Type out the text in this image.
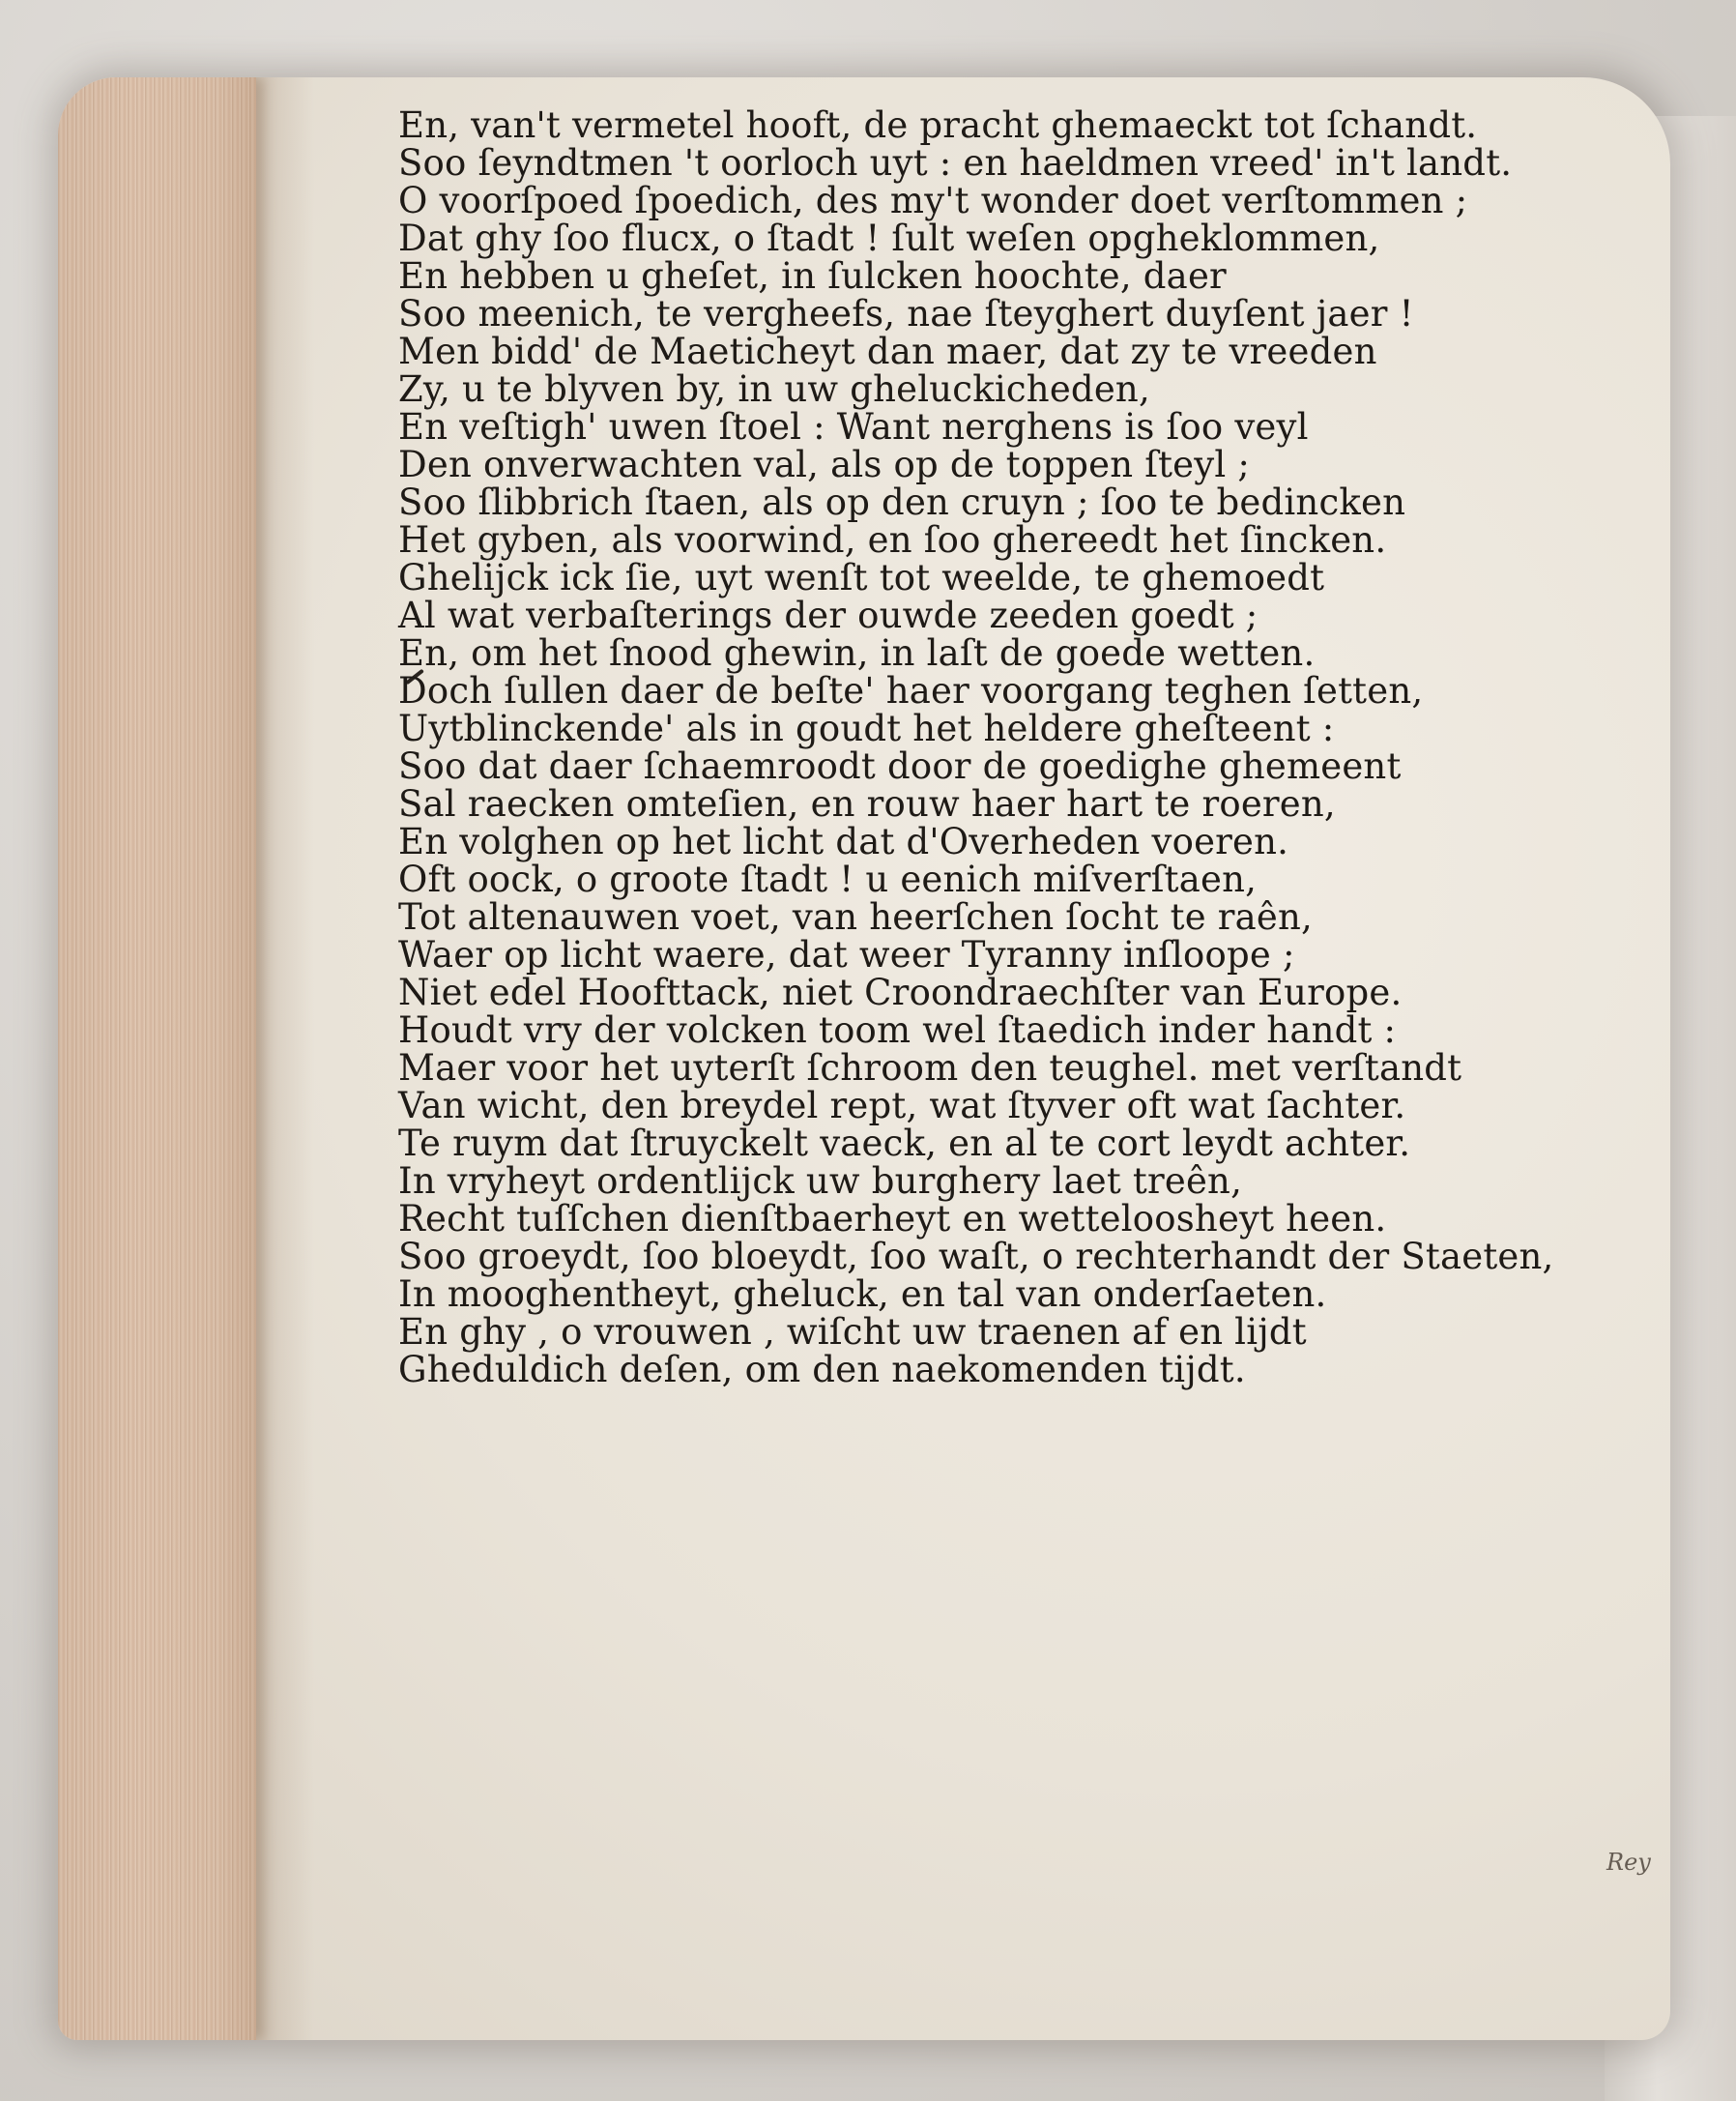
En, van't vermetel hooft, de pracht ghemaeckt tot ſchandt.
Soo ſeyndtmen 't oorloch uyt : en haeldmen vreed' in't landt.
O voorſpoed ſpoedich, des my't wonder doet verſtommen ;
Dat ghy ſoo flucx, o ſtadt ! ſult weſen opgheklommen,
En hebben u gheſet, in ſulcken hoochte, daer
Soo meenich, te vergheefs, nae ſteyghert duyſent jaer !
Men bidd' de Maeticheyt dan maer, dat zy te vreeden
Zy, u te blyven by, in uw gheluckicheden,
En veſtigh' uwen ſtoel : Want nerghens is ſoo veyl
Den onverwachten val, als op de toppen ſteyl ;
Soo ſlibbrich ſtaen, als op den cruyn ; ſoo te bedincken
Het gyben, als voorwind, en ſoo ghereedt het ſincken.
Ghelijck ick ſie, uyt wenſt tot weelde, te ghemoedt
Al wat verbaſterings der ouwde zeeden goedt ;
En, om het ſnood ghewin, in laſt de goede wetten.
Doch ſullen daer de beſte' haer voorgang teghen ſetten,
Uytblinckende' als in goudt het heldere gheſteent :
Soo dat daer ſchaemroodt door de goedighe ghemeent
Sal raecken omteſien, en rouw haer hart te roeren,
En volghen op het licht dat d'Overheden voeren.
Oft oock, o groote ſtadt ! u eenich miſverſtaen,
Tot altenauwen voet, van heerſchen ſocht te raên,
Waer op licht waere, dat weer Tyranny inſloope ;
Niet edel Hoofttack, niet Croondraechſter van Europe.
Houdt vry der volcken toom wel ſtaedich inder handt :
Maer voor het uyterſt ſchroom den teughel. met verſtandt
Van wicht, den breydel rept, wat ſtyver oft wat ſachter.
Te ruym dat ſtruyckelt vaeck, en al te cort leydt achter.
In vryheyt ordentlijck uw burghery laet treên,
Recht tuſſchen dienſtbaerheyt en wetteloosheyt heen.
Soo groeydt, ſoo bloeydt, ſoo waſt, o rechterhandt der Staeten,
In mooghentheyt, gheluck, en tal van onderſaeten.
En ghy , o vrouwen , wiſcht uw traenen af en lijdt
Gheduldich deſen, om den naekomenden tijdt.
Rey
